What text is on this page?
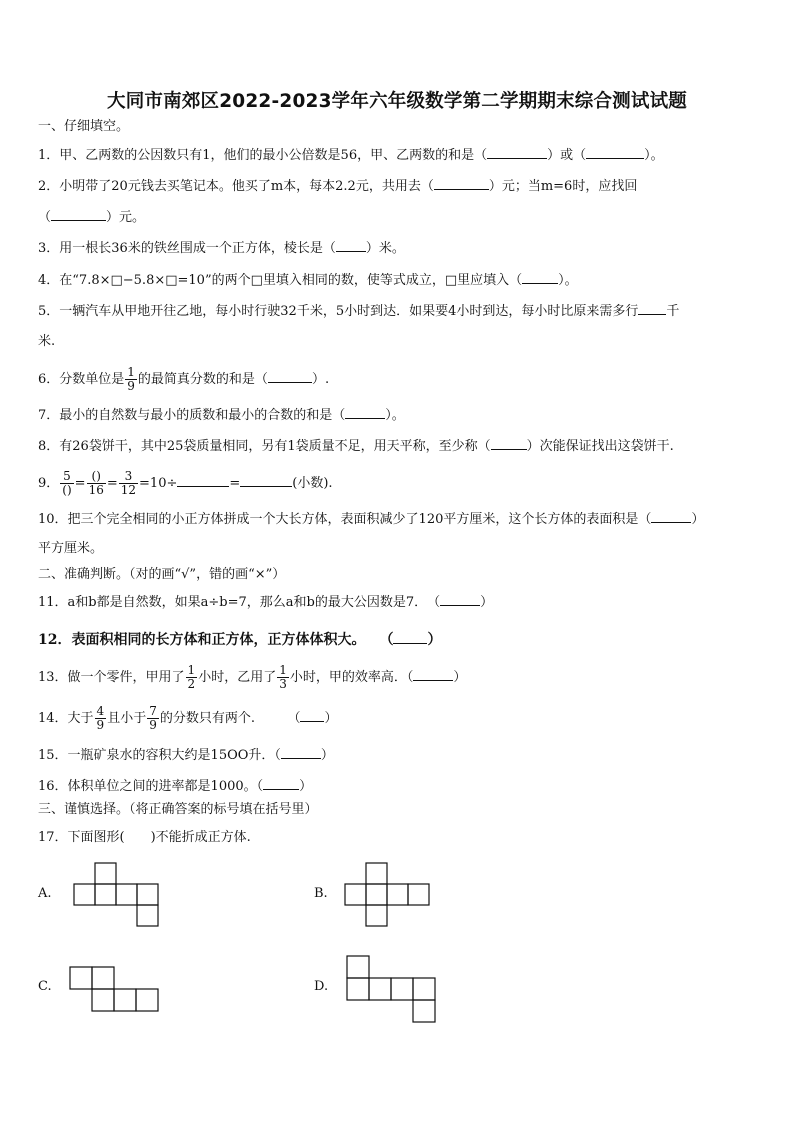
大同市南郊区2022-2023学年六年级数学第二学期期末综合测试试题
一、仔细填空。
1．甲、乙两数的公因数只有1，他们的最小公倍数是56，甲、乙两数的和是（	）或（	）。
2．小明带了20元钱去买笔记本。他买了m本，每本2.2元，共用去（	）元；当m=6时，应找回
（	）元。
3．用一根长36米的铁丝围成一个正方体，棱长是（ ）米。
4．在“7.8×□−5.8×□=10”的两个□里填入相同的数，使等式成立，□里应填入（	）。
5．一辆汽车从甲地开往乙地，每小时行驶32千米，5小时到达．如果要4小时到达，每小时比原来需多行 千
米.
6．分数单位是 $\frac{1}{9}$ 的最简真分数的和是（	）.
7．最小的自然数与最小的质数和最小的合数的和是（	）。
8．有26袋饼干，其中25袋质量相同，另有1袋质量不足，用天平称，至少称（	）次能保证找出这袋饼干.
9． $\frac{5}{()} = \frac{()}{16} = \frac{3}{12} =10\div$	=	(小数).
10．把三个完全相同的小正方体拼成一个大长方体，表面积减少了120平方厘米，这个长方体的表面积是（	）
平方厘米。
二、准确判断。（对的画“√”，错的画“×”）
11．a和b都是自然数，如果a÷b=7，那么a和b的最大公因数是7．　（	）
12．表面积相同的长方体和正方体，正方体体积大。　　（ ）
13．做一个零件，甲用了 $\frac{1}{2}$ 小时，乙用了 $\frac{1}{3}$ 小时，甲的效率高．（	）
14．大于 $\frac{4}{9}$ 且小于 $\frac{7}{9}$ 的分数只有两个.　　　（ ）
15．一瓶矿泉水的容积大约是15OO升．（	）
16．体积单位之间的进率都是1000。（	）
三、谨慎选择。（将正确答案的标号填在括号里）
17．下面图形(　　)不能折成正方体.
A.	B.
C.	D.
